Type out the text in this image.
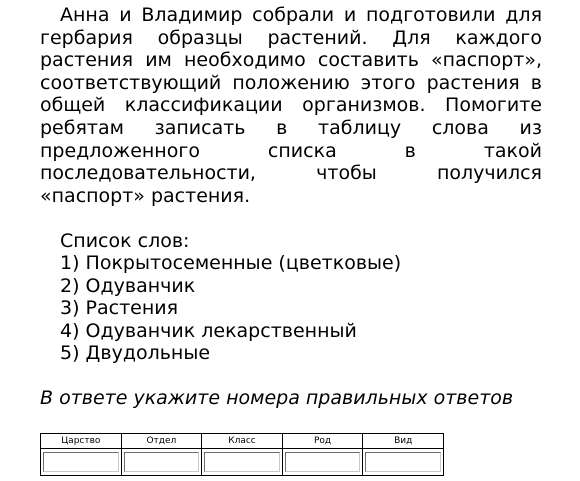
Анна и Владимир собрали и подготовили для гербария образцы растений. Для каждого растения им необходимо составить «паспорт», соответствующий положению этого растения в общей классификации организмов. Помогите ребятам записать в таблицу слова из предложенного списка в такой последовательности, чтобы получился «паспорт» растения.

Список слов:
1) Покрытосеменные (цветковые)
2) Одуванчик
3) Растения
4) Одуванчик лекарственный
5) Двудольные
В ответе укажите номера правильных ответов
Царство	Отдел	Класс	Род	Вид
